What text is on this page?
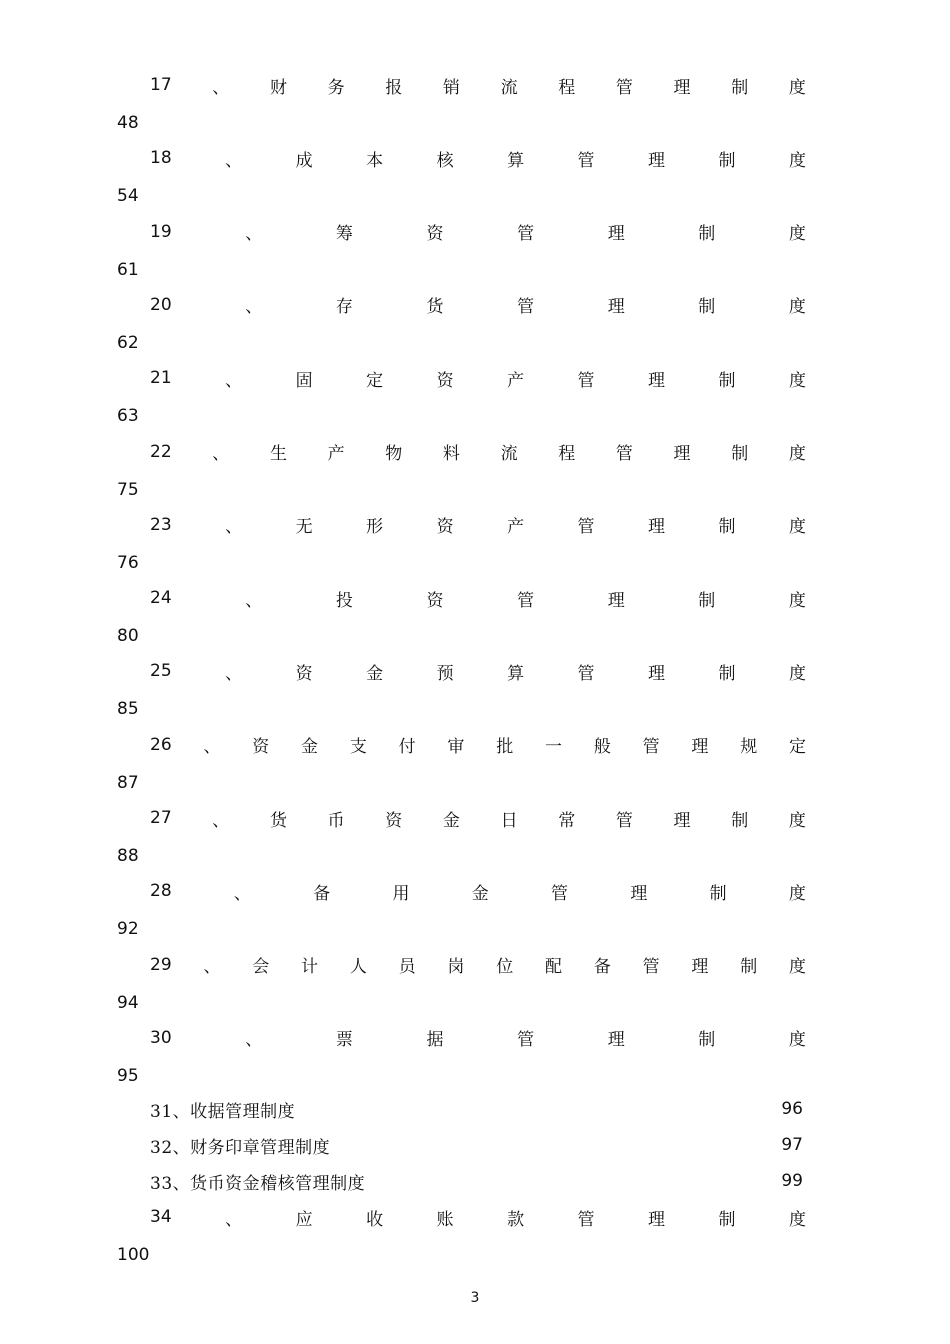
17 、 财 务 报 销 流 程 管 理 制 度
48
18	、	成	本	核	算	管	理	制	度
54
19	、	筹	资	管	理	制	度
61
20	、	存	货	管	理	制	度
62
21	、	固	定	资	产	管	理	制	度
63
22 、 生 产 物 料 流 程 管 理 制 度
75
23	、	无	形	资	产	管	理	制	度
76
24	、	投	资	管	理	制	度
80
25	、	资	金	预	算	管	理	制	度
85
26 、 资 金 支 付 审 批 一 般 管 理 规 定
87
27 、 货 币 资 金 日 常 管 理 制 度
88
28	、	备	用	金	管	理	制	度
92
29 、 会 计 人 员 岗 位 配 备 管 理 制 度
94
30	、	票	据	管	理	制	度
95
31、收据管理制度	96
32、财务印章管理制度	97
33、货币资金稽核管理制度	99
34	、	应	收	账	款	管	理	制	度
100
3
